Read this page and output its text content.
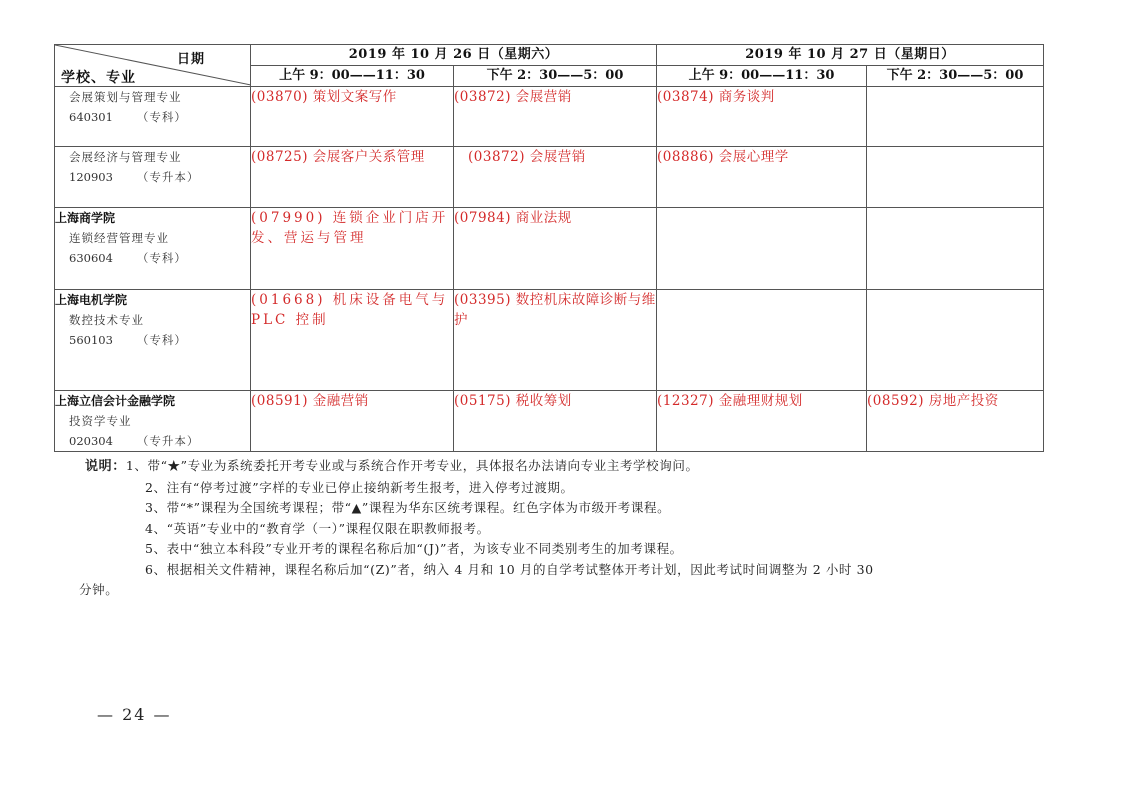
日期
学校、专业	2019 年 10 月 26 日（星期六）		2019 年 10 月 27 日（星期日）	
	上午 9：00——11：30	下午 2：30——5：00	上午 9：00——11：30	下午 2：30——5：00

会展策划与管理专业
640301 （专科）	(03870) 策划文案写作	(03872) 会展营销	(03874) 商务谈判	

会展经济与管理专业
120903 （专升本）	(08725) 会展客户关系管理	(03872) 会展营销	(08886) 会展心理学	

上海商学院
连锁经营管理专业
630604 （专科）	(07990) 连锁企业门店开发、营运与管理	(07984) 商业法规		

上海电机学院
数控技术专业
560103 （专科）	(01668) 机床设备电气与PLC 控制	(03395) 数控机床故障诊断与维护		

上海立信会计金融学院
投资学专业
020304 （专升本）	(08591) 金融营销	(05175) 税收筹划	(12327) 金融理财规划	(08592) 房地产投资
说明：1、带“★”专业为系统委托开考专业或与系统合作开考专业，具体报名办法请向专业主考学校询问。
2、注有“停考过渡”字样的专业已停止接纳新考生报考，进入停考过渡期。
3、带“*”课程为全国统考课程；带“▲”课程为华东区统考课程。红色字体为市级开考课程。
4、“英语”专业中的“教育学（一）”课程仅限在职教师报考。
5、表中“独立本科段”专业开考的课程名称后加“(J)”者，为该专业不同类别考生的加考课程。
6、根据相关文件精神，课程名称后加“(Z)”者，纳入 4 月和 10 月的自学考试整体开考计划，因此考试时间调整为 2 小时 30
分钟。
— 24 —
